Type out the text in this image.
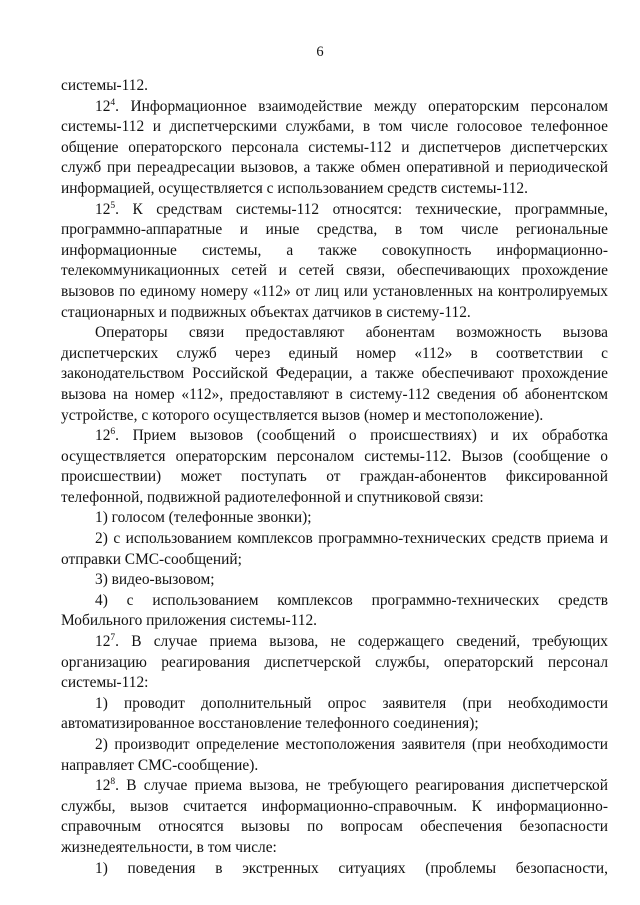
6

системы-112.

$12^4$. Информационное взаимодействие между операторским персоналом системы-112 и диспетчерскими службами, в том числе голосовое телефонное общение операторского персонала системы-112 и диспетчеров диспетчерских служб при переадресации вызовов, а также обмен оперативной и периодической информацией, осуществляется с использованием средств системы-112.

$12^5$. К средствам системы-112 относятся: технические, программные, программно-аппаратные и иные средства, в том числе региональные информационные системы, а также совокупность информационно-телекоммуникационных сетей и сетей связи, обеспечивающих прохождение вызовов по единому номеру «112» от лиц или установленных на контролируемых стационарных и подвижных объектах датчиков в систему-112.

Операторы связи предоставляют абонентам возможность вызова диспетчерских служб через единый номер «112» в соответствии с законодательством Российской Федерации, а также обеспечивают прохождение вызова на номер «112», предоставляют в систему-112 сведения об абонентском устройстве, с которого осуществляется вызов (номер и местоположение).

$12^6$. Прием вызовов (сообщений о происшествиях) и их обработка осуществляется операторским персоналом системы-112. Вызов (сообщение о происшествии) может поступать от граждан-абонентов фиксированной телефонной, подвижной радиотелефонной и спутниковой связи:

1) голосом (телефонные звонки);

2) с использованием комплексов программно-технических средств приема и отправки СМС-сообщений;

3) видео-вызовом;

4) с использованием комплексов программно-технических средств Мобильного приложения системы-112.

$12^7$. В случае приема вызова, не содержащего сведений, требующих организацию реагирования диспетчерской службы, операторский персонал системы-112:

1) проводит дополнительный опрос заявителя (при необходимости автоматизированное восстановление телефонного соединения);

2) производит определение местоположения заявителя (при необходимости направляет СМС-сообщение).

$12^8$. В случае приема вызова, не требующего реагирования диспетчерской службы, вызов считается информационно-справочным. К информационно-справочным относятся вызовы по вопросам обеспечения безопасности жизнедеятельности, в том числе:

1) поведения в экстренных ситуациях (проблемы безопасности,
